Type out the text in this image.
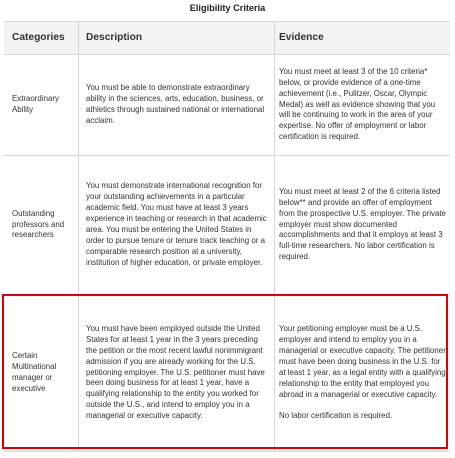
Eligibility Criteria
Categories	Description	Evidence
Extraordinary Ability
You must be able to demonstrate extraordinary ability in the sciences, arts, education, business, or athletics through sustained national or international acclaim.
You must meet at least 3 of the 10 criteria* below, or provide evidence of a one-time achievement (i.e., Pulitzer, Oscar, Olympic Medal) as well as evidence showing that you will be continuing to work in the area of your expertise. No offer of employment or labor certification is required.
Outstanding professors and researchers
You must demonstrate international recognition for your outstanding achievements in a particular academic field. You must have at least 3 years experience in teaching or research in that academic area. You must be entering the United States in order to pursue tenure or tenure track teaching or a comparable research position at a university, institution of higher education, or private employer.
You must meet at least 2 of the 6 criteria listed below** and provide an offer of employment from the prospective U.S. employer. The private employer must show documented accomplishments and that it employs at least 3 full-time researchers. No labor certification is required.
Certain Multinational manager or executive
You must have been employed outside the United States for at least 1 year in the 3 years preceding the petition or the most recent lawful nonimmigrant admission if you are already working for the U.S. petitioning employer. The U.S. petitioner must have been doing business for at least 1 year, have a qualifying relationship to the entity you worked for outside the U.S., and intend to employ you in a managerial or executive capacity.

Your petitioning employer must be a U.S. employer and intend to employ you in a managerial or executive capacity. The petitioner must have been doing business in the U.S. for at least 1 year, as a legal entity with a qualifying relationship to the entity that employed you abroad in a managerial or executive capacity.

No labor certification is required.
